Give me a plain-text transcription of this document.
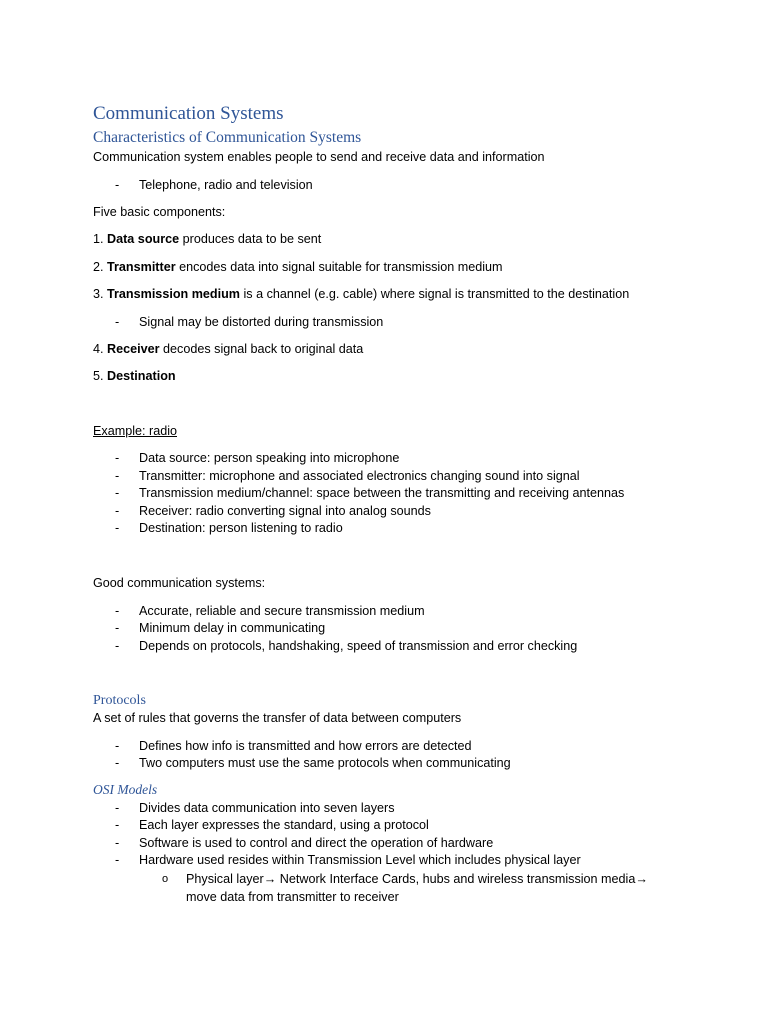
Communication Systems
Characteristics of Communication Systems
Communication system enables people to send and receive data and information
- Telephone, radio and television
Five basic components:
1. Data source produces data to be sent
2. Transmitter encodes data into signal suitable for transmission medium
3. Transmission medium is a channel (e.g. cable) where signal is transmitted to the destination
- Signal may be distorted during transmission
4. Receiver decodes signal back to original data
5. Destination
Example: radio
- Data source: person speaking into microphone
- Transmitter: microphone and associated electronics changing sound into signal
- Transmission medium/channel: space between the transmitting and receiving antennas
- Receiver: radio converting signal into analog sounds
- Destination: person listening to radio
Good communication systems:
- Accurate, reliable and secure transmission medium
- Minimum delay in communicating
- Depends on protocols, handshaking, speed of transmission and error checking
Protocols
A set of rules that governs the transfer of data between computers
- Defines how info is transmitted and how errors are detected
- Two computers must use the same protocols when communicating
OSI Models
- Divides data communication into seven layers
- Each layer expresses the standard, using a protocol
- Software is used to control and direct the operation of hardware
- Hardware used resides within Transmission Level which includes physical layer
o Physical layer→ Network Interface Cards, hubs and wireless transmission media→ move data from transmitter to receiver
